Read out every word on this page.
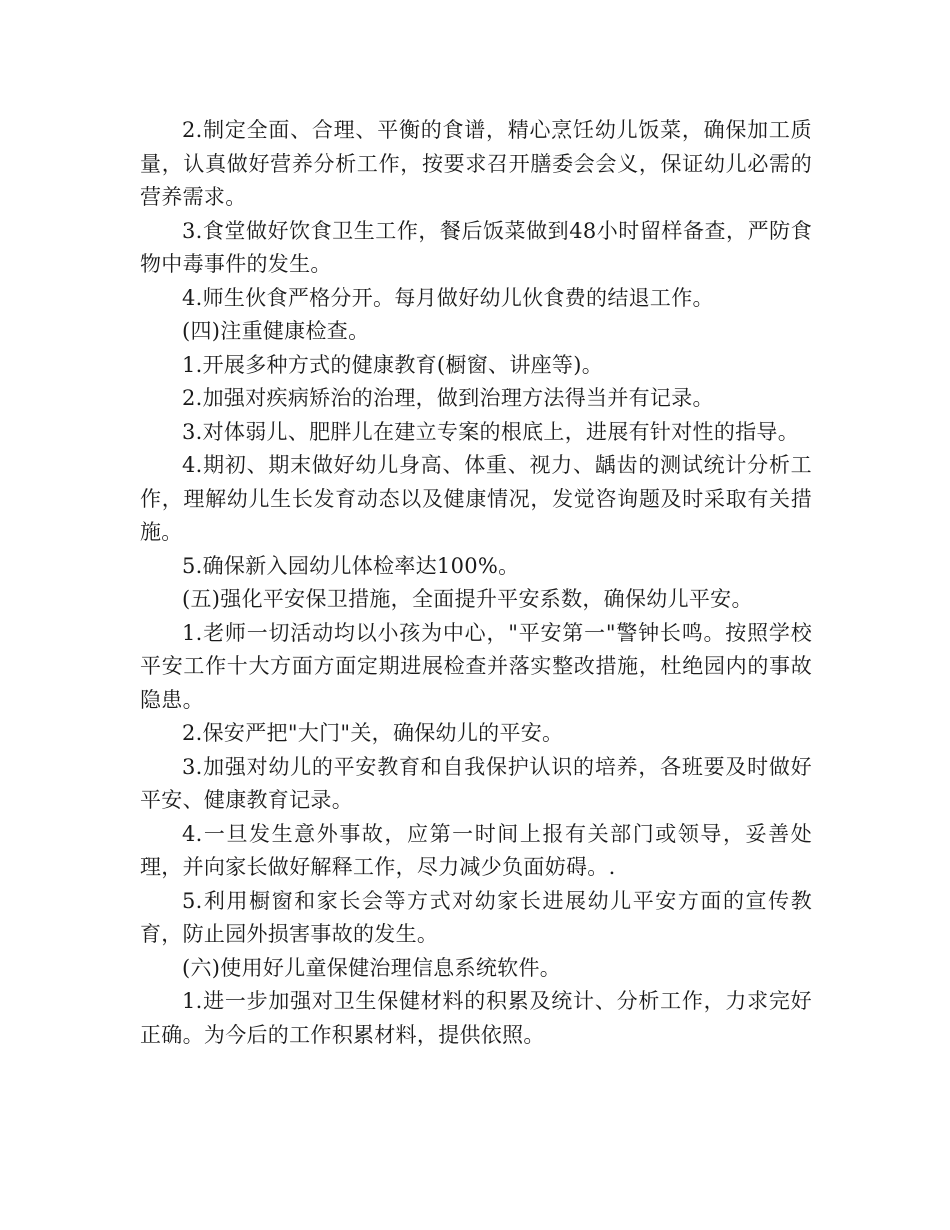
2.制定全面、合理、平衡的食谱，精心烹饪幼儿饭菜，确保加工质量，认真做好营养分析工作，按要求召开膳委会会义，保证幼儿必需的营养需求。

3.食堂做好饮食卫生工作，餐后饭菜做到48小时留样备查，严防食物中毒事件的发生。

4.师生伙食严格分开。每月做好幼儿伙食费的结退工作。

(四)注重健康检查。

1.开展多种方式的健康教育(橱窗、讲座等)。

2.加强对疾病矫治的治理，做到治理方法得当并有记录。

3.对体弱儿、肥胖儿在建立专案的根底上，进展有针对性的指导。

4.期初、期末做好幼儿身高、体重、视力、龋齿的测试统计分析工作，理解幼儿生长发育动态以及健康情况，发觉咨询题及时采取有关措施。

5.确保新入园幼儿体检率达100%。

(五)强化平安保卫措施，全面提升平安系数，确保幼儿平安。

1.老师一切活动均以小孩为中心，"平安第一"警钟长鸣。按照学校平安工作十大方面方面定期进展检查并落实整改措施，杜绝园内的事故隐患。

2.保安严把"大门"关，确保幼儿的平安。

3.加强对幼儿的平安教育和自我保护认识的培养，各班要及时做好平安、健康教育记录。

4.一旦发生意外事故，应第一时间上报有关部门或领导，妥善处理，并向家长做好解释工作，尽力减少负面妨碍。.

5.利用橱窗和家长会等方式对幼家长进展幼儿平安方面的宣传教育，防止园外损害事故的发生。

(六)使用好儿童保健治理信息系统软件。

1.进一步加强对卫生保健材料的积累及统计、分析工作，力求完好正确。为今后的工作积累材料，提供依照。
